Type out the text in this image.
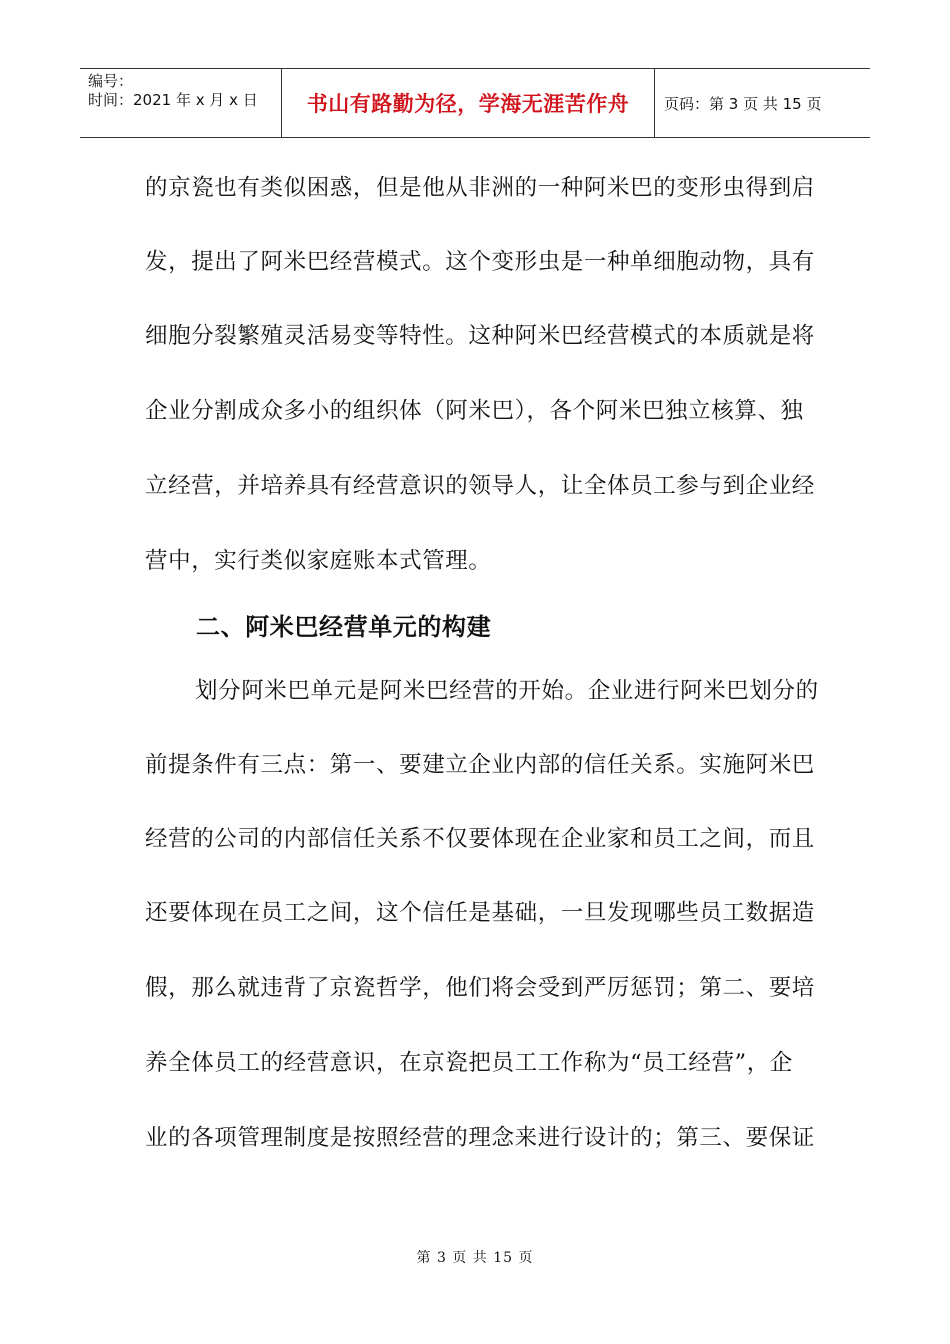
编号：
时间：2021 年 x 月 x 日	书山有路勤为径，学海无涯苦作舟	页码：第 3 页 共 15 页
的京瓷也有类似困惑，但是他从非洲的一种阿米巴的变形虫得到启
发，提出了阿米巴经营模式。这个变形虫是一种单细胞动物，具有
细胞分裂繁殖灵活易变等特性。这种阿米巴经营模式的本质就是将
企业分割成众多小的组织体（阿米巴），各个阿米巴独立核算、独
立经营，并培养具有经营意识的领导人，让全体员工参与到企业经
营中，实行类似家庭账本式管理。
二、阿米巴经营单元的构建
划分阿米巴单元是阿米巴经营的开始。企业进行阿米巴划分的
前提条件有三点：第一、要建立企业内部的信任关系。实施阿米巴
经营的公司的内部信任关系不仅要体现在企业家和员工之间，而且
还要体现在员工之间，这个信任是基础，一旦发现哪些员工数据造
假，那么就违背了京瓷哲学，他们将会受到严厉惩罚；第二、要培
养全体员工的经营意识，在京瓷把员工工作称为“员工经营”，企
业的各项管理制度是按照经营的理念来进行设计的；第三、要保证
第 3 页 共 15 页
